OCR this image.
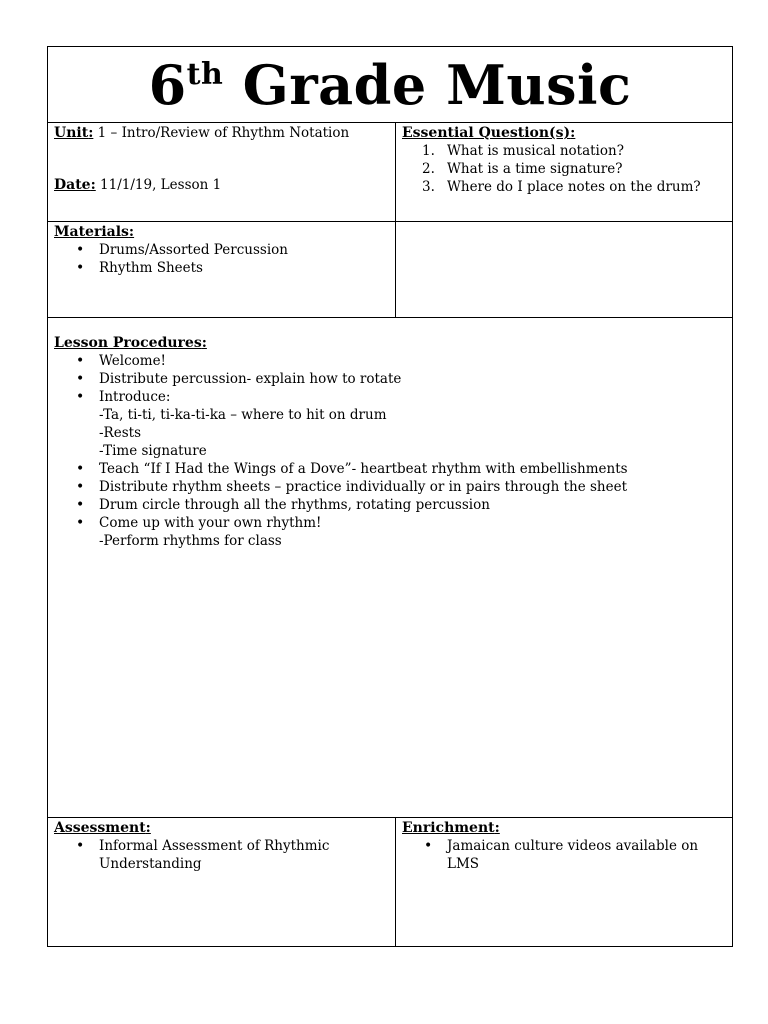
6th Grade Music
Unit: 1 – Intro/Review of Rhythm Notation
Date: 11/1/19, Lesson 1
Essential Question(s):
1. What is musical notation?
2. What is a time signature?
3. Where do I place notes on the drum?
Materials:
• Drums/Assorted Percussion
• Rhythm Sheets
Lesson Procedures:
• Welcome!
• Distribute percussion- explain how to rotate
• Introduce:
-Ta, ti-ti, ti-ka-ti-ka – where to hit on drum
-Rests
-Time signature
• Teach “If I Had the Wings of a Dove”- heartbeat rhythm with embellishments
• Distribute rhythm sheets – practice individually or in pairs through the sheet
• Drum circle through all the rhythms, rotating percussion
• Come up with your own rhythm!
-Perform rhythms for class
Assessment:
• Informal Assessment of Rhythmic Understanding
Enrichment:
• Jamaican culture videos available on LMS
